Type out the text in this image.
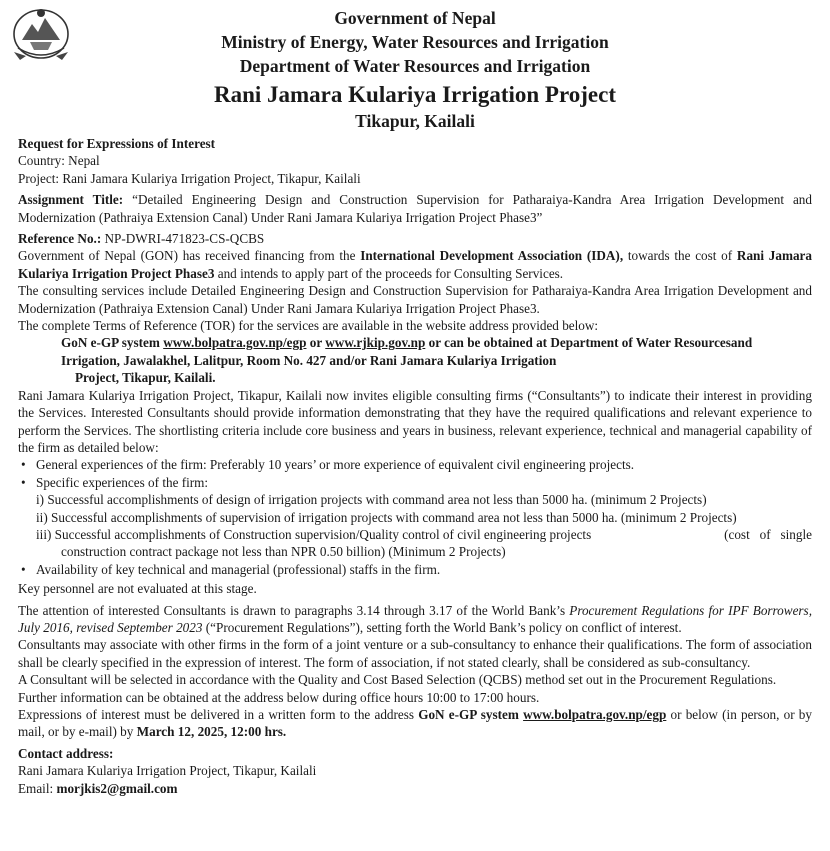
Government of Nepal
Ministry of Energy, Water Resources and Irrigation
Department of Water Resources and Irrigation
Rani Jamara Kulariya Irrigation Project
Tikapur, Kailali

Request for Expressions of Interest

Country: Nepal

Project: Rani Jamara Kulariya Irrigation Project, Tikapur, Kailali

Assignment Title: “Detailed Engineering Design and Construction Supervision for Patharaiya-Kandra Area Irrigation Development and Modernization (Pathraiya Extension Canal) Under Rani Jamara Kulariya Irrigation Project Phase3”

Reference No.: NP-DWRI-471823-CS-QCBS

Government of Nepal (GON) has received financing from the International Development Association (IDA), towards the cost of Rani Jamara Kulariya Irrigation Project Phase3 and intends to apply part of the proceeds for Consulting Services.

The consulting services include Detailed Engineering Design and Construction Supervision for Patharaiya-Kandra Area Irrigation Development and Modernization (Pathraiya Extension Canal) Under Rani Jamara Kulariya Irrigation Project Phase3.

The complete Terms of Reference (TOR) for the services are available in the website address provided below:

GoN e-GP system www.bolpatra.gov.np/egp or www.rjkip.gov.np or can be obtained at Department of Water Resourcesand Irrigation, Jawalakhel, Lalitpur, Room No. 427 and/or Rani Jamara Kulariya Irrigation

Project, Tikapur, Kailali.

Rani Jamara Kulariya Irrigation Project, Tikapur, Kailali now invites eligible consulting firms (“Consultants”) to indicate their interest in providing the Services. Interested Consultants should provide information demonstrating that they have the required qualifications and relevant experience to perform the Services. The shortlisting criteria include core business and years in business, relevant experience, technical and managerial capability of the firm as detailed below:

• General experiences of the firm: Preferably 10 years’ or more experience of equivalent civil engineering projects.
• Specific experiences of the firm:

i) Successful accomplishments of design of irrigation projects with command area not less than 5000 ha. (minimum 2 Projects)

ii) Successful accomplishments of supervision of irrigation projects with command area not less than 5000 ha. (minimum 2 Projects)

iii) Successful accomplishments of Construction supervision/Quality control of civil engineering projects	(cost   of   single

construction contract package not less than NPR 0.50 billion) (Minimum 2 Projects)

• Availability of key technical and managerial (professional) staffs in the firm.

Key personnel are not evaluated at this stage.

The attention of interested Consultants is drawn to paragraphs 3.14 through 3.17 of the World Bank’s Procurement Regulations for IPF Borrowers, July 2016, revised September 2023 (“Procurement Regulations”), setting forth the World Bank’s policy on conflict of interest.

Consultants may associate with other firms in the form of a joint venture or a sub-consultancy to enhance their qualifications. The form of association shall be clearly specified in the expression of interest. The form of association, if not stated clearly, shall be considered as sub-consultancy.

A Consultant will be selected in accordance with the Quality and Cost Based Selection (QCBS) method set out in the Procurement Regulations.

Further information can be obtained at the address below during office hours 10:00 to 17:00 hours.

Expressions of interest must be delivered in a written form to the address GoN e-GP system www.bolpatra.gov.np/egp or below (in person, or by mail, or by e-mail) by March 12, 2025, 12:00 hrs.

Contact address:

Rani Jamara Kulariya Irrigation Project, Tikapur, Kailali

Email: morjkis2@gmail.com
